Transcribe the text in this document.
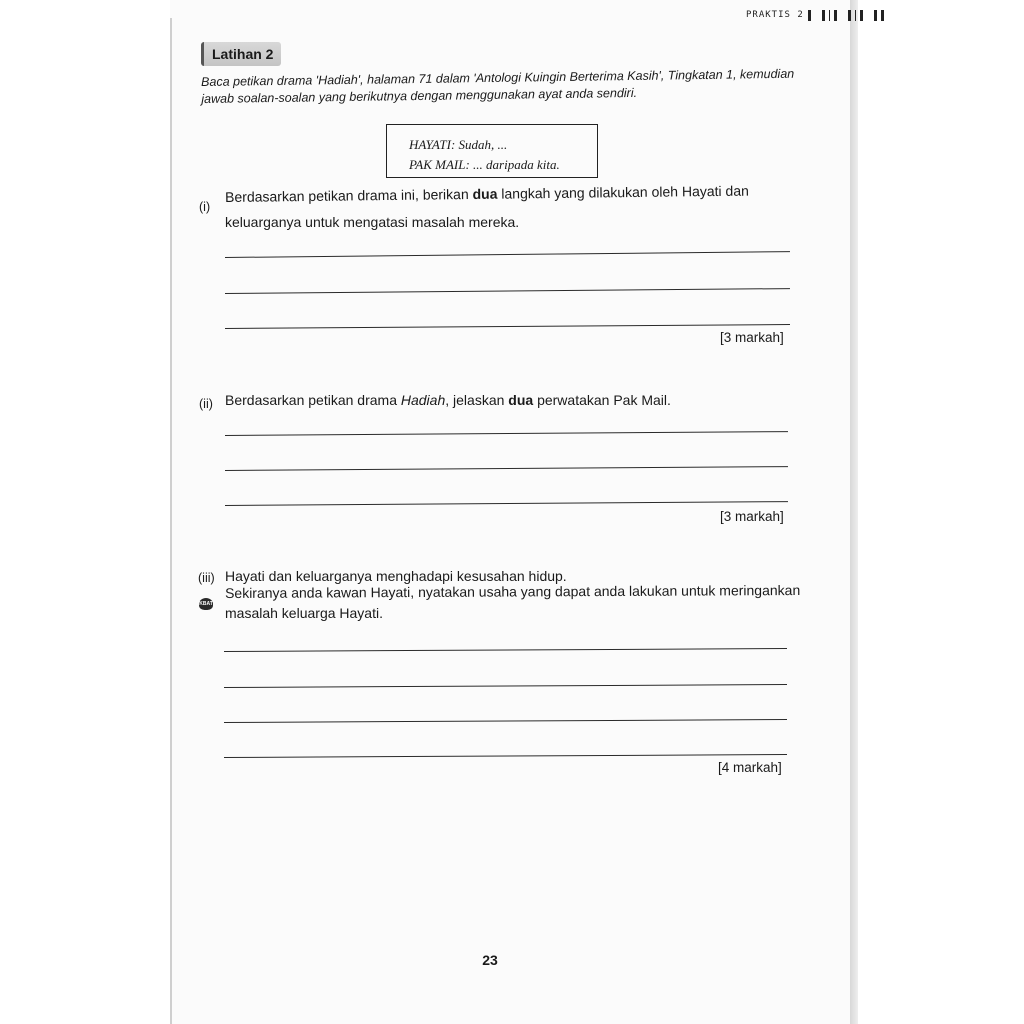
PRAKTIS 2
Latihan 2
Baca petikan drama 'Hadiah', halaman 71 dalam 'Antologi Kuingin Berterima Kasih', Tingkatan 1, kemudian jawab soalan-soalan yang berikutnya dengan menggunakan ayat anda sendiri.
HAYATI: Sudah, ...
PAK MAIL: ... daripada kita.
(i)
Berdasarkan petikan drama ini, berikan dua langkah yang dilakukan oleh Hayati dan
keluarganya untuk mengatasi masalah mereka.
[3 markah]
(ii) Berdasarkan petikan drama Hadiah, jelaskan dua perwatakan Pak Mail.
[3 markah]
(iii) Hayati dan keluarganya menghadapi kesusahan hidup.
KBAT
Sekiranya anda kawan Hayati, nyatakan usaha yang dapat anda lakukan untuk meringankan
masalah keluarga Hayati.
[4 markah]
23
